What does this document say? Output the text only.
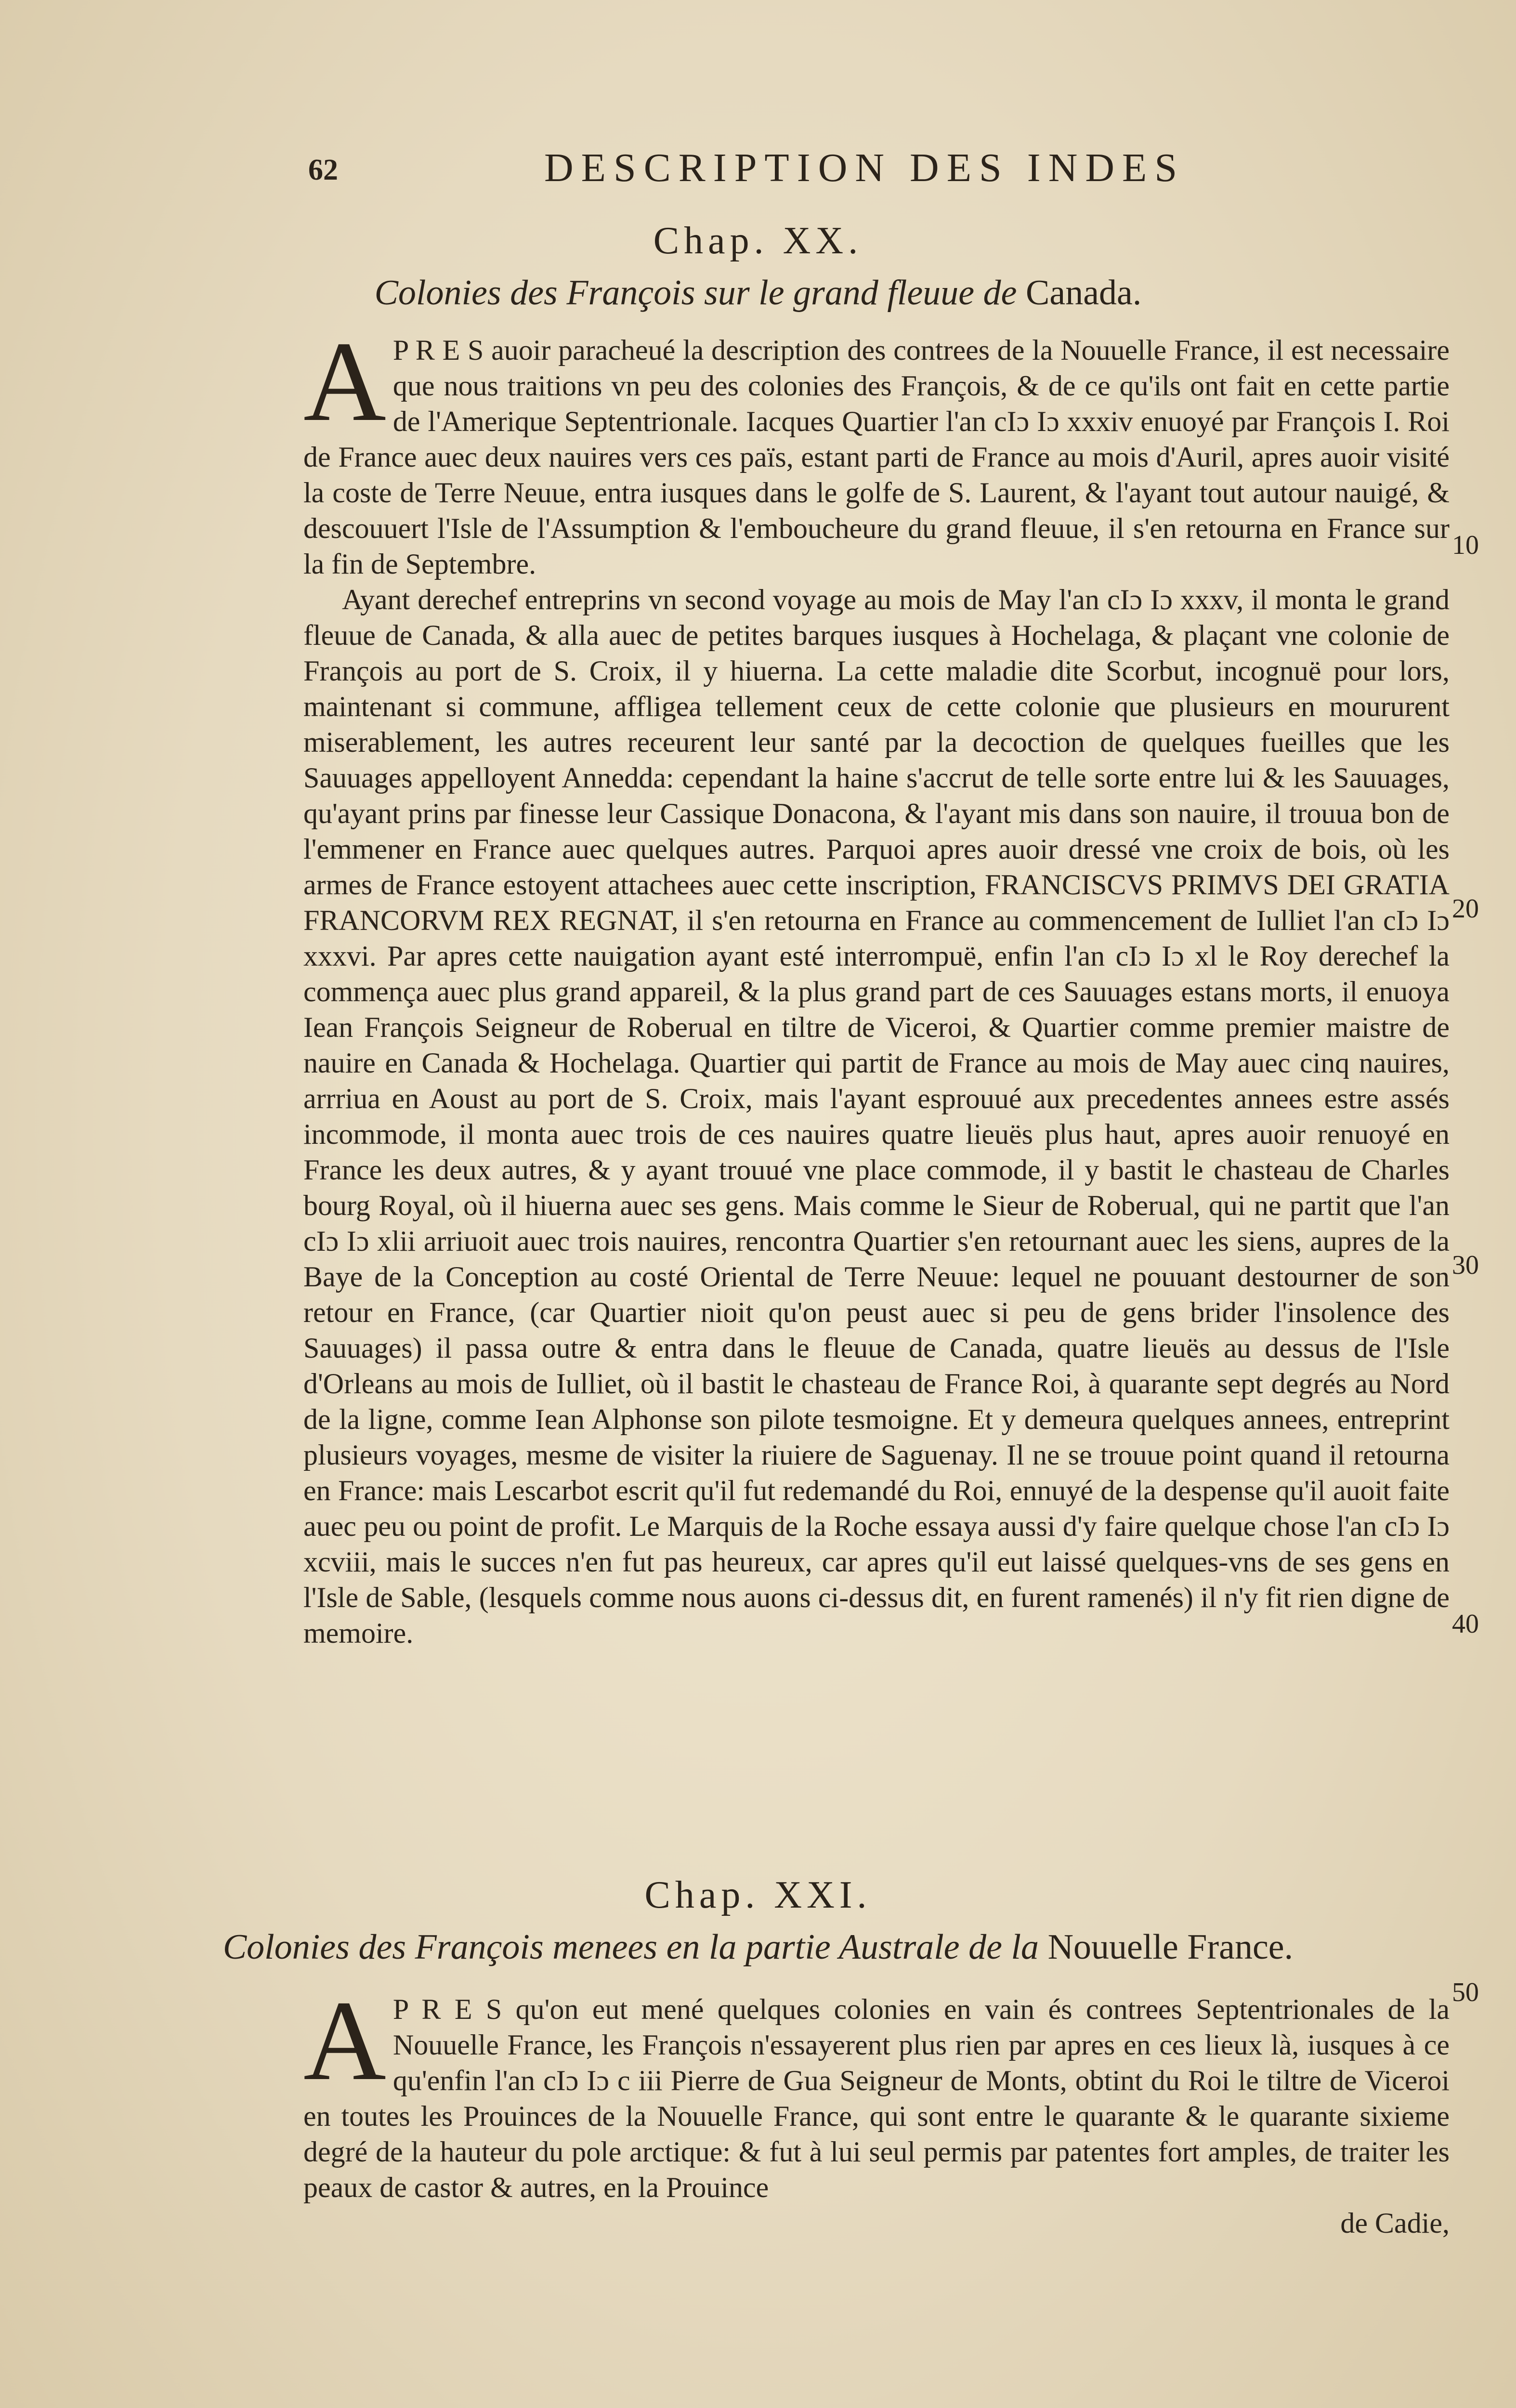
62	DESCRIPTION DES INDES
Chap. XX.
Colonies des François sur le grand fleuue de Canada.

A P R E S auoir paracheué la description des contrees de la Nouuelle France, il est necessaire que nous traitions vn peu des colonies des François, & de ce qu'ils ont fait en cette partie de l'Amerique Septentrionale. Iacques Quartier l'an cIɔ Iɔ xxxiv enuoyé par François I. Roi de France auec deux nauires vers ces païs, estant parti de France au mois d'Auril, apres auoir visité la coste de Terre Neuue, entra iusques dans le golfe de S. Laurent, & l'ayant tout autour nauigé, & descouuert l'Isle de l'Assumption & l'emboucheure du grand fleuue, il s'en retourna en France sur la fin de Septembre.

Ayant derechef entreprins vn second voyage au mois de May l'an cIɔ Iɔ xxxv, il monta le grand fleuue de Canada, & alla auec de petites barques iusques à Hochelaga, & plaçant vne colonie de François au port de S. Croix, il y hiuerna. La cette maladie dite Scorbut, incognuë pour lors, maintenant si commune, affligea tellement ceux de cette colonie que plusieurs en moururent miserablement, les autres receurent leur santé par la decoction de quelques fueilles que les Sauuages appelloyent Annedda: cependant la haine s'accrut de telle sorte entre lui & les Sauuages, qu'ayant prins par finesse leur Cassique Donacona, & l'ayant mis dans son nauire, il trouua bon de l'emmener en France auec quelques autres. Parquoi apres auoir dressé vne croix de bois, où les armes de France estoyent attachees auec cette inscription, FRANCISCVS PRIMVS DEI GRATIA FRANCORVM REX REGNAT, il s'en retourna en France au commencement de Iulliet l'an cIɔ Iɔ xxxvi. Par apres cette nauigation ayant esté interrompuë, enfin l'an cIɔ Iɔ xl le Roy derechef la commença auec plus grand appareil, & la plus grand part de ces Sauuages estans morts, il enuoya Iean François Seigneur de Roberual en tiltre de Viceroi, & Quartier comme premier maistre de nauire en Canada & Hochelaga. Quartier qui partit de France au mois de May auec cinq nauires, arrriua en Aoust au port de S. Croix, mais l'ayant esprouué aux precedentes annees estre assés incommode, il monta auec trois de ces nauires quatre lieuës plus haut, apres auoir renuoyé en France les deux autres, & y ayant trouué vne place commode, il y bastit le chasteau de Charles bourg Royal, où il hiuerna auec ses gens. Mais comme le Sieur de Roberual, qui ne partit que l'an cIɔ Iɔ xlii arriuoit auec trois nauires, rencontra Quartier s'en retournant auec les siens, aupres de la Baye de la Conception au costé Oriental de Terre Neuue: lequel ne pouuant destourner de son retour en France, (car Quartier nioit qu'on peust auec si peu de gens brider l'insolence des Sauuages) il passa outre & entra dans le fleuue de Canada, quatre lieuës au dessus de l'Isle d'Orleans au mois de Iulliet, où il bastit le chasteau de France Roi, à quarante sept degrés au Nord de la ligne, comme Iean Alphonse son pilote tesmoigne. Et y demeura quelques annees, entreprint plusieurs voyages, mesme de visiter la riuiere de Saguenay. Il ne se trouue point quand il retourna en France: mais Lescarbot escrit qu'il fut redemandé du Roi, ennuyé de la despense qu'il auoit faite auec peu ou point de profit. Le Marquis de la Roche essaya aussi d'y faire quelque chose l'an cIɔ Iɔ xcviii, mais le succes n'en fut pas heureux, car apres qu'il eut laissé quelques-vns de ses gens en l'Isle de Sable, (lesquels comme nous auons ci-dessus dit, en furent ramenés) il n'y fit rien digne de memoire.

Chap. XXI.
Colonies des François menees en la partie Australe de la Nouuelle France.

A P R E S qu'on eut mené quelques colonies en vain és contrees Septentrionales de la Nouuelle France, les François n'essayerent plus rien par apres en ces lieux là, iusques à ce qu'enfin l'an cIɔ Iɔ c iii Pierre de Gua Seigneur de Monts, obtint du Roi le tiltre de Viceroi en toutes les Prouinces de la Nouuelle France, qui sont entre le quarante & le quarante sixieme degré de la hauteur du pole arctique: & fut à lui seul permis par patentes fort amples, de traiter les peaux de castor & autres, en la Prouince

de Cadie,

10
20
30
40
50
